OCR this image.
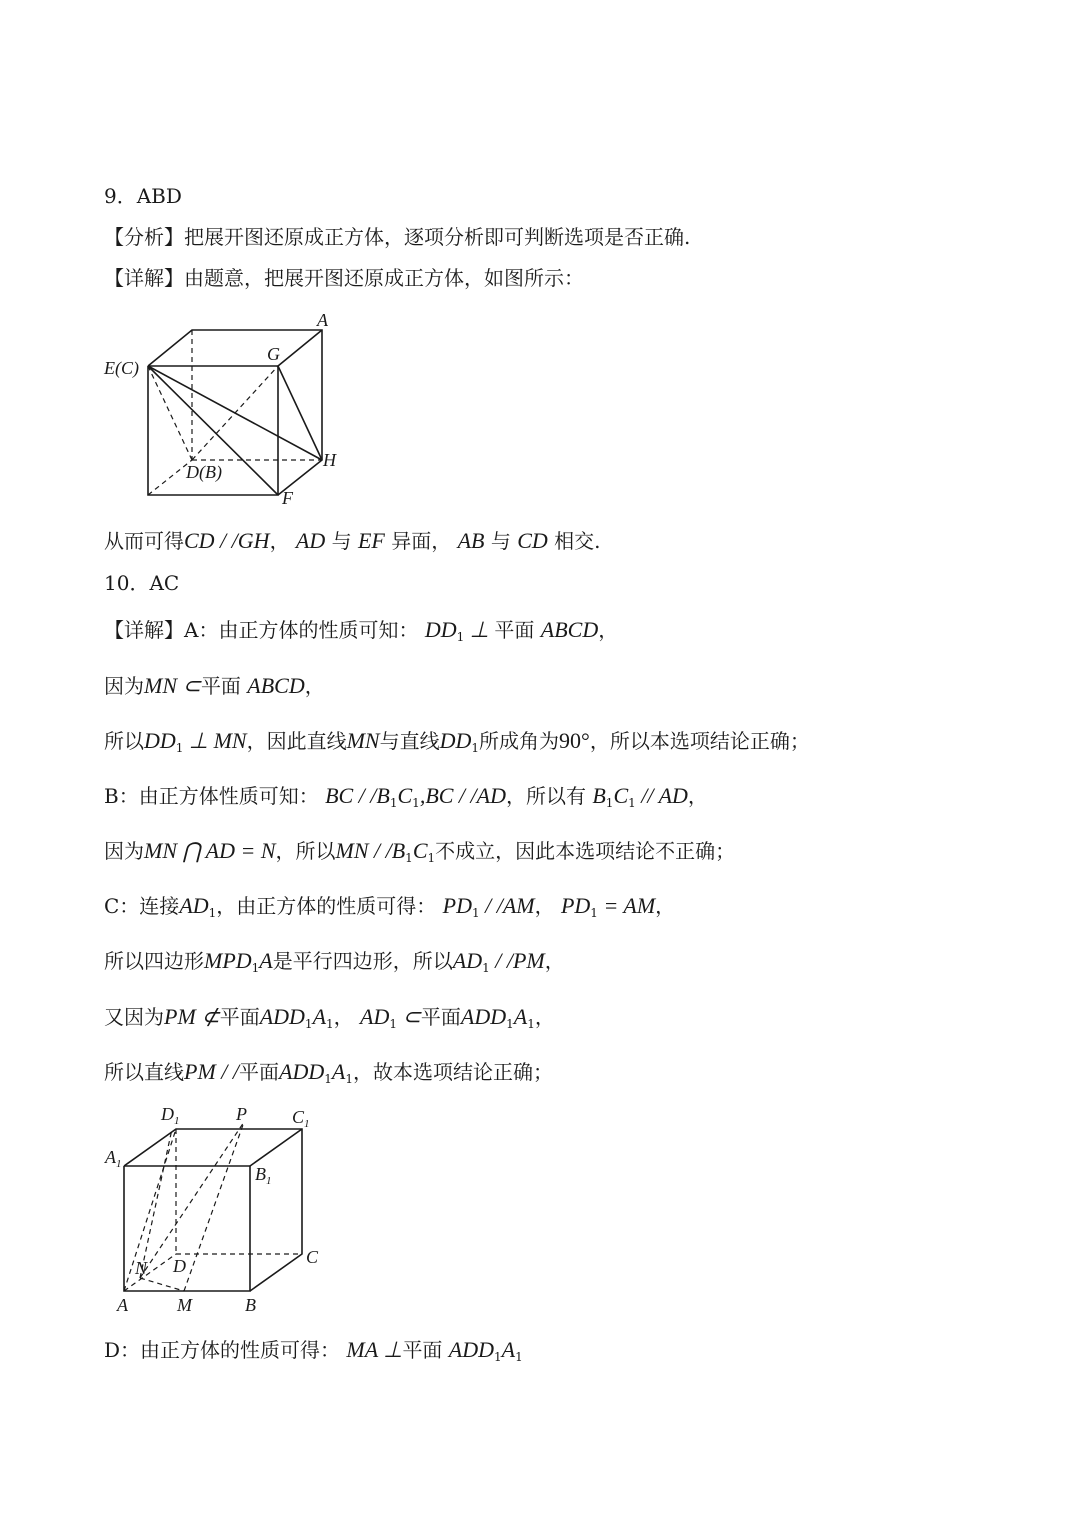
9．ABD
【分析】把展开图还原成正方体，逐项分析即可判断选项是否正确.
【详解】由题意，把展开图还原成正方体，如图所示：
A
G
E(C)
D(B)
H
F
从而可得CD / /GH， AD 与 EF 异面， AB 与 CD 相交.
10．AC
【详解】A：由正方体的性质可知： $DD_1$ ⊥ 平面 ABCD，
因为MN ⊂平面 ABCD，
所以$DD_1$ ⊥ MN，因此直线MN与直线$DD_1$所成角为90°，所以本选项结论正确；
B：由正方体性质可知： BC / $/B_1C_1,BC / /AD$，所以有 $B_1C_1$ // AD，
因为MN ⋂ AD = N，所以MN / $/B_1C_1$不成立，因此本选项结论不正确；
C：连接$AD_1$，由正方体的性质可得： $PD_1 / /AM$， $PD_1$ = AM，
所以四边形$MPD_1A$是平行四边形，所以$AD_1 / /PM$，
又因为PM ⊄平面$ADD_1A_1$， $AD_1$ ⊂平面$ADD_1A_1$，
所以直线PM / /平面$ADD_1A_1$，故本选项结论正确；
$D_1$	P	$C_1$
$A_1$	$B_1$
C
N D
A	M	B
D：由正方体的性质可得： MA ⊥平面 $ADD_1A_1$
